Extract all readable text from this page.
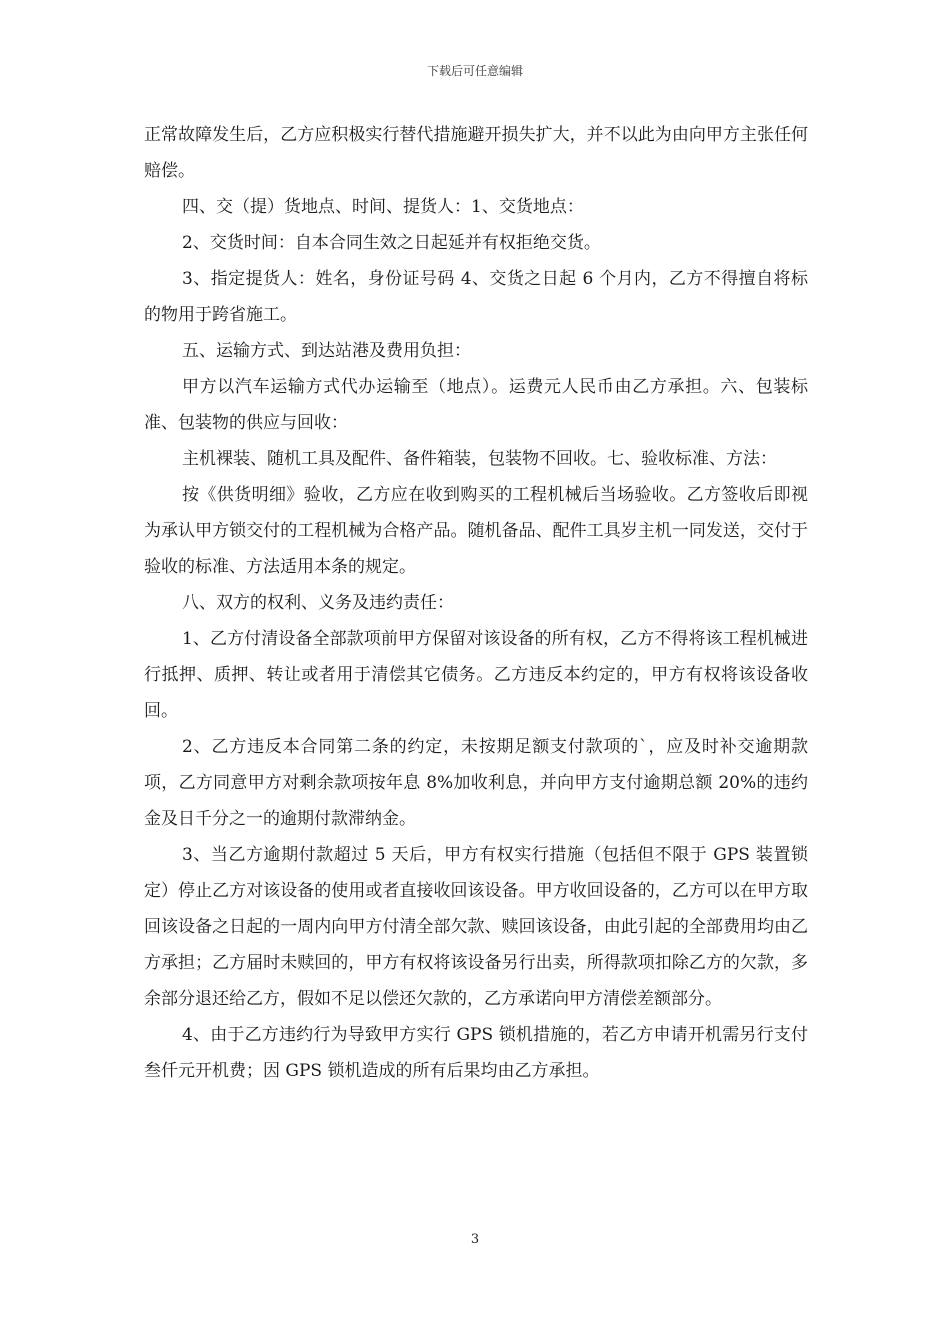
下载后可任意编辑

正常故障发生后，乙方应积极实行替代措施避开损失扩大，并不以此为由向甲方主张任何赔偿。

四、交（提）货地点、时间、提货人：1、交货地点：

2、交货时间：自本合同生效之日起延并有权拒绝交货。

3、指定提货人：姓名，身份证号码 4、交货之日起 6 个月内，乙方不得擅自将标的物用于跨省施工。

五、运输方式、到达站港及费用负担：

甲方以汽车运输方式代办运输至（地点）。运费元人民币由乙方承担。六、包装标准、包装物的供应与回收：

主机裸装、随机工具及配件、备件箱装，包装物不回收。七、验收标准、方法：

按《供货明细》验收，乙方应在收到购买的工程机械后当场验收。乙方签收后即视为承认甲方锁交付的工程机械为合格产品。随机备品、配件工具岁主机一同发送，交付于验收的标准、方法适用本条的规定。

八、双方的权利、义务及违约责任：

1、乙方付清设备全部款项前甲方保留对该设备的所有权，乙方不得将该工程机械进行抵押、质押、转让或者用于清偿其它债务。乙方违反本约定的，甲方有权将该设备收回。

2、乙方违反本合同第二条的约定，未按期足额支付款项的`，应及时补交逾期款项，乙方同意甲方对剩余款项按年息 8%加收利息，并向甲方支付逾期总额 20%的违约金及日千分之一的逾期付款滞纳金。

3、当乙方逾期付款超过 5 天后，甲方有权实行措施（包括但不限于 GPS 装置锁定）停止乙方对该设备的使用或者直接收回该设备。甲方收回设备的，乙方可以在甲方取回该设备之日起的一周内向甲方付清全部欠款、赎回该设备，由此引起的全部费用均由乙方承担；乙方届时未赎回的，甲方有权将该设备另行出卖，所得款项扣除乙方的欠款，多余部分退还给乙方，假如不足以偿还欠款的，乙方承诺向甲方清偿差额部分。

4、由于乙方违约行为导致甲方实行 GPS 锁机措施的，若乙方申请开机需另行支付叁仟元开机费；因 GPS 锁机造成的所有后果均由乙方承担。

3
